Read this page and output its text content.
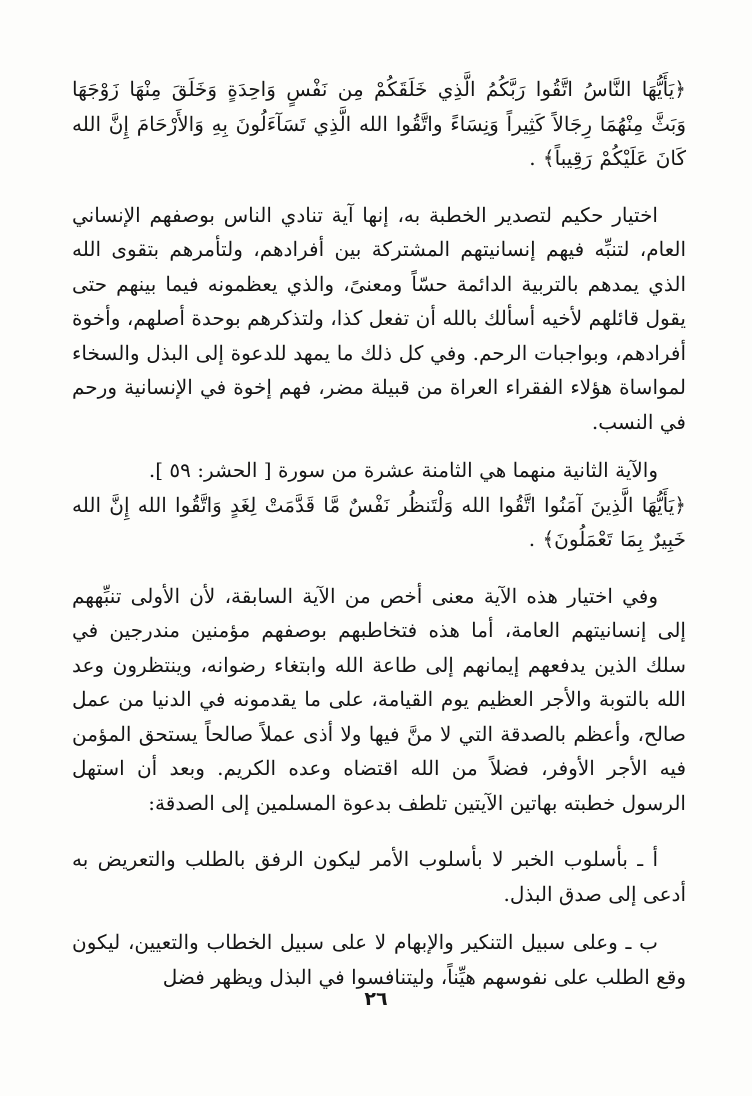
﴿يَأَيُّهَا النَّاسُ اتَّقُوا رَبَّكُمُ الَّذِي خَلَقَكُمْ مِن نَفْسٍ وَاحِدَةٍ وَخَلَقَ مِنْهَا زَوْجَهَا وَبَثَّ مِنْهُمَا رِجَالاً كَثِيراً وَنِسَاءً واتَّقُوا الله الَّذِي تَسَآءَلُونَ بِهِ وَالأَرْحَامَ إِنَّ الله كَانَ عَلَيْكُمْ رَقِيباً﴾ .

اختيار حكيم لتصدير الخطبة به، إنها آية تنادي الناس بوصفهم الإنساني العام، لتنبِّه فيهم إنسانيتهم المشتركة بين أفرادهم، ولتأمرهم بتقوى الله الذي يمدهم بالتربية الدائمة حسّاً ومعنىً، والذي يعظمونه فيما بينهم حتى يقول قائلهم لأخيه أسألك بالله أن تفعل كذا، ولتذكرهم بوحدة أصلهم، وأخوة أفرادهم، وبواجبات الرحم. وفي كل ذلك ما يمهد للدعوة إلى البذل والسخاء لمواساة هؤلاء الفقراء العراة من قبيلة مضر، فهم إخوة في الإنسانية ورحم في النسب.

والآية الثانية منهما هي الثامنة عشرة من سورة [ الحشر: ٥٩ ].

﴿يَأَيُّهَا الَّذِينَ آمَنُوا اتَّقُوا الله وَلْتَنظُر نَفْسٌ مَّا قَدَّمَتْ لِغَدٍ وَاتَّقُوا الله إِنَّ الله خَبِيرٌ بِمَا تَعْمَلُونَ﴾ .

وفي اختيار هذه الآية معنى أخص من الآية السابقة، لأن الأولى تنبِّههم إلى إنسانيتهم العامة، أما هذه فتخاطبهم بوصفهم مؤمنين مندرجين في سلك الذين يدفعهم إيمانهم إلى طاعة الله وابتغاء رضوانه، وينتظرون وعد الله بالتوبة والأجر العظيم يوم القيامة، على ما يقدمونه في الدنيا من عمل صالح، وأعظم بالصدقة التي لا منَّ فيها ولا أذى عملاً صالحاً يستحق المؤمن فيه الأجر الأوفر، فضلاً من الله اقتضاه وعده الكريم. وبعد أن استهل الرسول خطبته بهاتين الآيتين تلطف بدعوة المسلمين إلى الصدقة:

أ ـ بأسلوب الخبر لا بأسلوب الأمر ليكون الرفق بالطلب والتعريض به أدعى إلى صدق البذل.

ب ـ وعلى سبيل التنكير والإبهام لا على سبيل الخطاب والتعيين، ليكون وقع الطلب على نفوسهم هيِّناً، وليتنافسوا في البذل ويظهر فضل

٢٦
